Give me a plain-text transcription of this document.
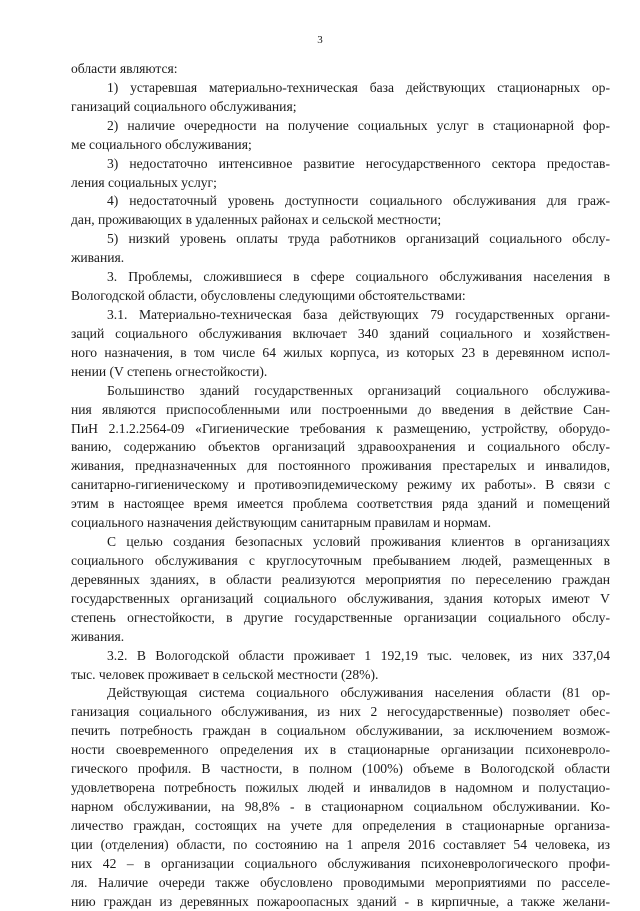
3
области являются:
1) устаревшая материально-техническая база действующих стационарных ор-
ганизаций социального обслуживания;
2) наличие очередности на получение социальных услуг в стационарной фор-
ме социального обслуживания;
3) недостаточно интенсивное развитие негосударственного сектора предостав-
ления социальных услуг;
4) недостаточный уровень доступности социального обслуживания для граж-
дан, проживающих в удаленных районах и сельской местности;
5) низкий уровень оплаты труда работников организаций социального обслу-
живания.
3. Проблемы, сложившиеся в сфере социального обслуживания населения в
Вологодской области, обусловлены следующими обстоятельствами:
3.1. Материально-техническая база действующих 79 государственных органи-
заций социального обслуживания включает 340 зданий социального и хозяйствен-
ного назначения, в том числе 64 жилых корпуса, из которых 23 в деревянном испол-
нении (V степень огнестойкости).
Большинство зданий государственных организаций социального обслужива-
ния являются приспособленными или построенными до введения в действие Сан-
ПиН 2.1.2.2564-09 «Гигиенические требования к размещению, устройству, оборудо-
ванию, содержанию объектов организаций здравоохранения и социального обслу-
живания, предназначенных для постоянного проживания престарелых и инвалидов,
санитарно-гигиеническому и противоэпидемическому режиму их работы». В связи с
этим в настоящее время имеется проблема соответствия ряда зданий и помещений
социального назначения действующим санитарным правилам и нормам.
С целью создания безопасных условий проживания клиентов в организациях
социального обслуживания с круглосуточным пребыванием людей, размещенных в
деревянных зданиях, в области реализуются мероприятия по переселению граждан
государственных организаций социального обслуживания, здания которых имеют V
степень огнестойкости, в другие государственные организации социального обслу-
живания.
3.2. В Вологодской области проживает 1 192,19 тыс. человек, из них 337,04
тыс. человек проживает в сельской местности (28%).
Действующая система социального обслуживания населения области (81 ор-
ганизация социального обслуживания, из них 2 негосударственные) позволяет обес-
печить потребность граждан в социальном обслуживании, за исключением возмож-
ности своевременного определения их в стационарные организации психоневроло-
гического профиля. В частности, в полном (100%) объеме в Вологодской области
удовлетворена потребность пожилых людей и инвалидов в надомном и полустацио-
нарном обслуживании, на 98,8% - в стационарном социальном обслуживании. Ко-
личество граждан, состоящих на учете для определения в стационарные организа-
ции (отделения) области, по состоянию на 1 апреля 2016 составляет 54 человека, из
них 42 – в организации социального обслуживания психоневрологического профи-
ля. Наличие очереди также обусловлено проводимыми мероприятиями по расселе-
нию граждан из деревянных пожароопасных зданий - в кирпичные, а также желани-
